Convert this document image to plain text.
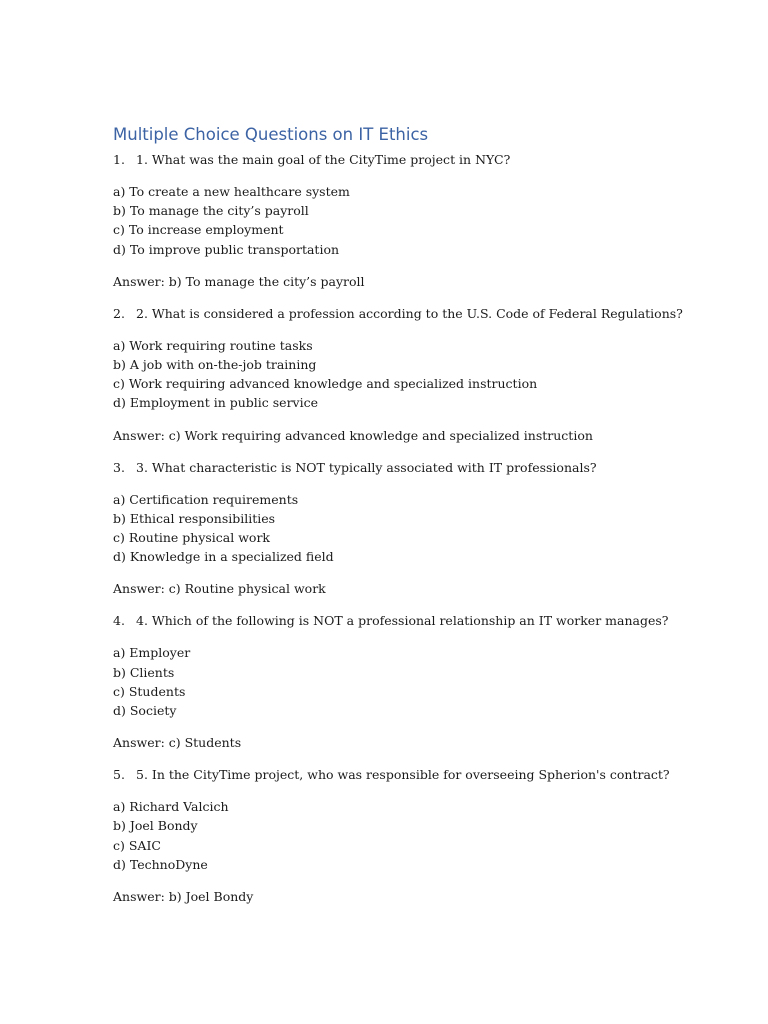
Multiple Choice Questions on IT Ethics
1. 1. What was the main goal of the CityTime project in NYC?
a) To create a new healthcare system
b) To manage the city’s payroll
c) To increase employment
d) To improve public transportation
Answer: b) To manage the city’s payroll
2. 2. What is considered a profession according to the U.S. Code of Federal Regulations?
a) Work requiring routine tasks
b) A job with on-the-job training
c) Work requiring advanced knowledge and specialized instruction
d) Employment in public service
Answer: c) Work requiring advanced knowledge and specialized instruction
3. 3. What characteristic is NOT typically associated with IT professionals?
a) Certification requirements
b) Ethical responsibilities
c) Routine physical work
d) Knowledge in a specialized field
Answer: c) Routine physical work
4. 4. Which of the following is NOT a professional relationship an IT worker manages?
a) Employer
b) Clients
c) Students
d) Society
Answer: c) Students
5. 5. In the CityTime project, who was responsible for overseeing Spherion's contract?
a) Richard Valcich
b) Joel Bondy
c) SAIC
d) TechnoDyne
Answer: b) Joel Bondy
